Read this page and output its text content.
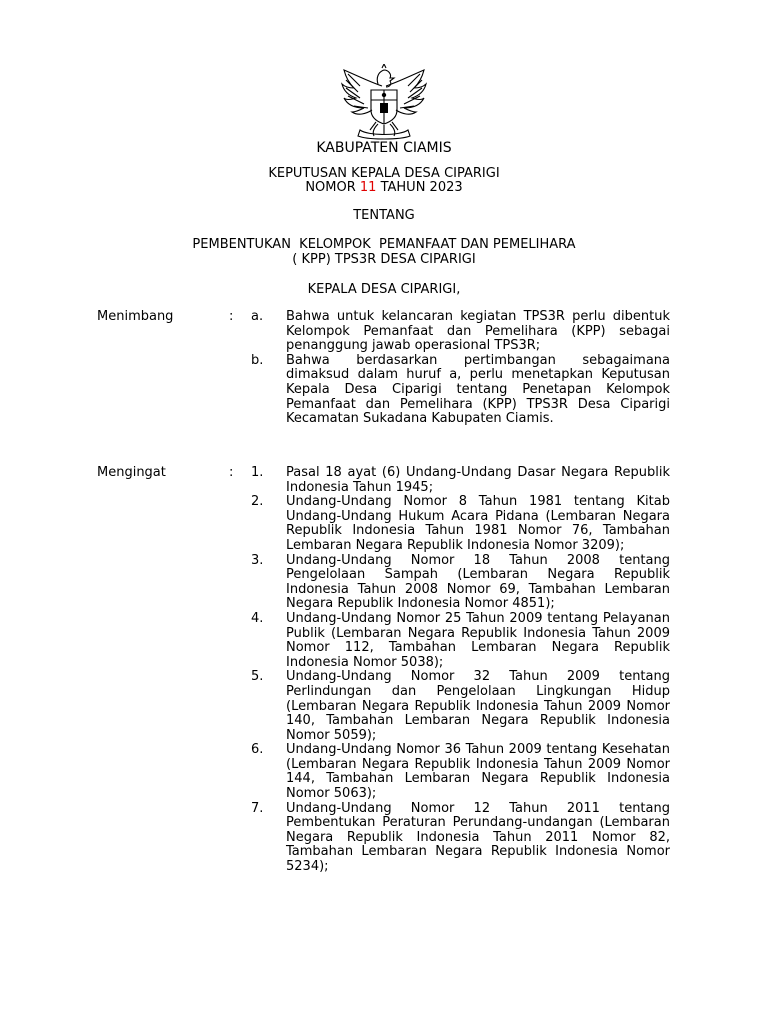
KABUPATEN CIAMIS
KEPUTUSAN KEPALA DESA CIPARIGI
NOMOR 11 TAHUN 2023
TENTANG
PEMBENTUKAN  KELOMPOK  PEMANFAAT DAN PEMELIHARA
( KPP) TPS3R DESA CIPARIGI
KEPALA DESA CIPARIGI,
Menimbang	:	a.	Bahwa untuk kelancaran kegiatan TPS3R perlu dibentuk Kelompok Pemanfaat dan Pemelihara (KPP) sebagai penanggung jawab operasional TPS3R;
b.	Bahwa berdasarkan pertimbangan sebagaimana dimaksud dalam huruf a, perlu menetapkan Keputusan Kepala Desa Ciparigi tentang Penetapan Kelompok Pemanfaat dan Pemelihara (KPP) TPS3R Desa Ciparigi Kecamatan Sukadana Kabupaten Ciamis.
Mengingat	:	1.	Pasal 18 ayat (6) Undang-Undang Dasar Negara Republik Indonesia Tahun 1945;
2.	Undang-Undang Nomor 8 Tahun 1981 tentang Kitab Undang-Undang Hukum Acara Pidana (Lembaran Negara Republik Indonesia Tahun 1981 Nomor 76, Tambahan Lembaran Negara Republik Indonesia Nomor 3209);
3.	Undang-Undang Nomor 18 Tahun 2008 tentang Pengelolaan Sampah (Lembaran Negara Republik Indonesia Tahun 2008 Nomor 69, Tambahan Lembaran Negara Republik Indonesia Nomor 4851);
4.	Undang-Undang Nomor 25 Tahun 2009 tentang Pelayanan Publik (Lembaran Negara Republik Indonesia Tahun 2009 Nomor 112, Tambahan Lembaran Negara Republik Indonesia Nomor 5038);
5.	Undang-Undang Nomor 32 Tahun 2009 tentang Perlindungan dan Pengelolaan Lingkungan Hidup (Lembaran Negara Republik Indonesia Tahun 2009 Nomor 140, Tambahan Lembaran Negara Republik Indonesia Nomor 5059);
6.	Undang-Undang Nomor 36 Tahun 2009 tentang Kesehatan (Lembaran Negara Republik Indonesia Tahun 2009 Nomor 144, Tambahan Lembaran Negara Republik Indonesia Nomor 5063);
7.	Undang-Undang Nomor 12 Tahun 2011 tentang Pembentukan Peraturan Perundang-undangan (Lembaran Negara Republik Indonesia Tahun 2011 Nomor 82, Tambahan Lembaran Negara Republik Indonesia Nomor 5234);
